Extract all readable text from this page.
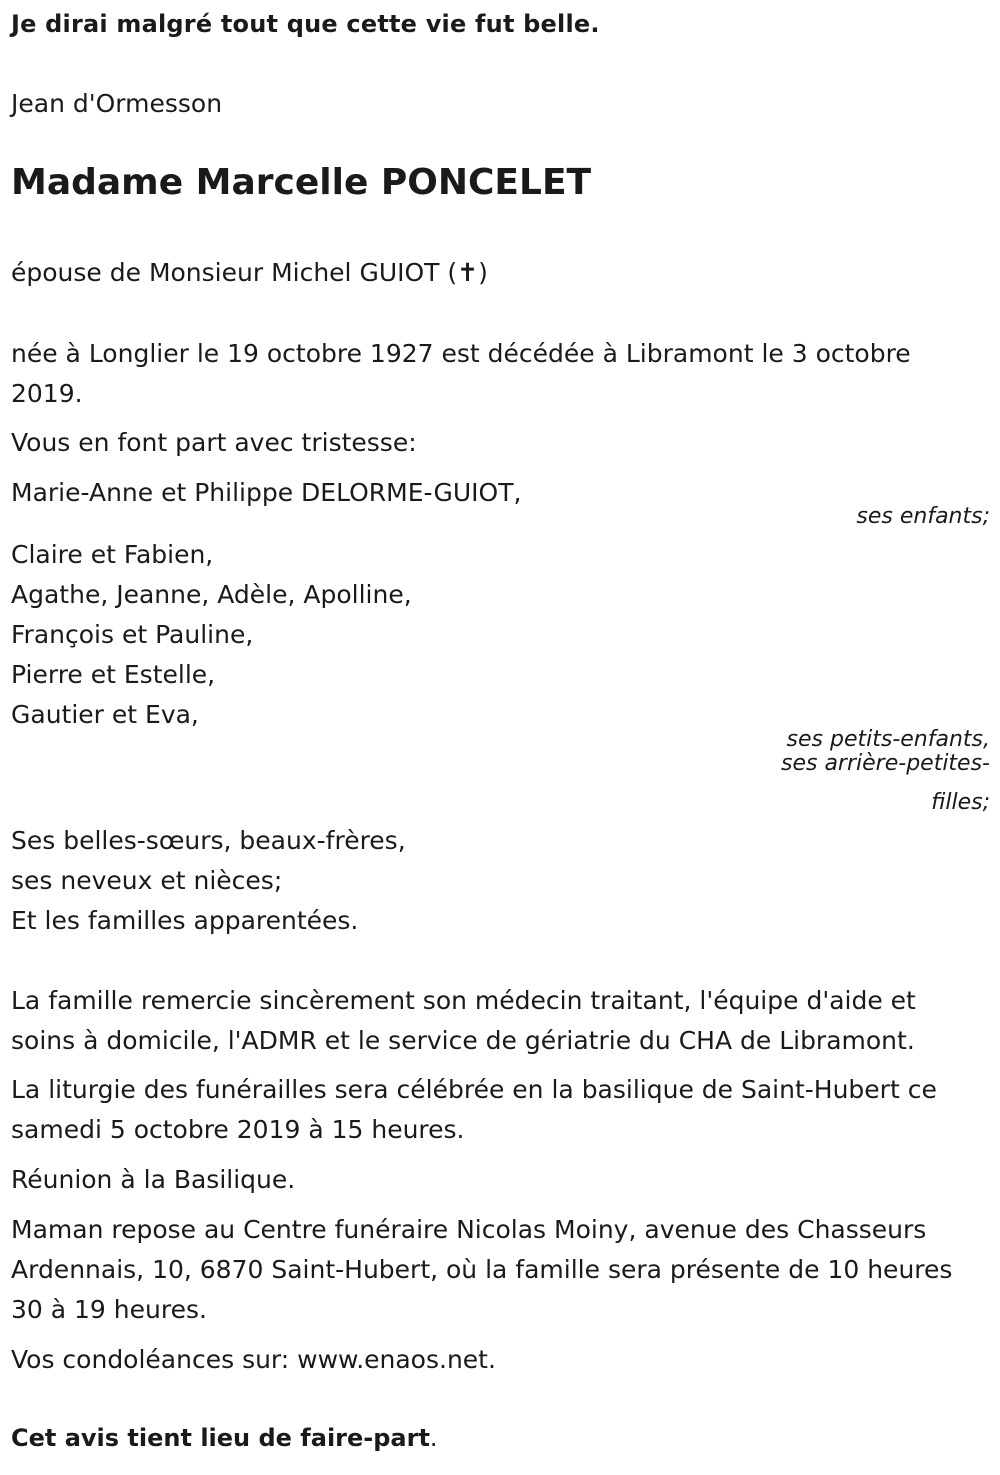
Je dirai malgré tout que cette vie fut belle.
Jean d'Ormesson
Madame Marcelle PONCELET
épouse de Monsieur Michel GUIOT (✝)
née à Longlier le 19 octobre 1927 est décédée à Libramont le 3 octobre 2019.
Vous en font part avec tristesse:
Marie-Anne et Philippe DELORME-GUIOT,
ses enfants;
Claire et Fabien,
Agathe, Jeanne, Adèle, Apolline,
François et Pauline,
Pierre et Estelle,
Gautier et Eva,
ses petits-enfants,
ses arrière-petites-
filles;
Ses belles-sœurs, beaux-frères,
ses neveux et nièces;
Et les familles apparentées.
La famille remercie sincèrement son médecin traitant, l'équipe d'aide et soins à domicile, l'ADMR et le service de gériatrie du CHA de Libramont.
La liturgie des funérailles sera célébrée en la basilique de Saint-Hubert ce samedi 5 octobre 2019 à 15 heures.
Réunion à la Basilique.
Maman repose au Centre funéraire Nicolas Moiny, avenue des Chasseurs Ardennais, 10, 6870 Saint-Hubert, où la famille sera présente de 10 heures 30 à 19 heures.
Vos condoléances sur: www.enaos.net.
Cet avis tient lieu de faire-part.
